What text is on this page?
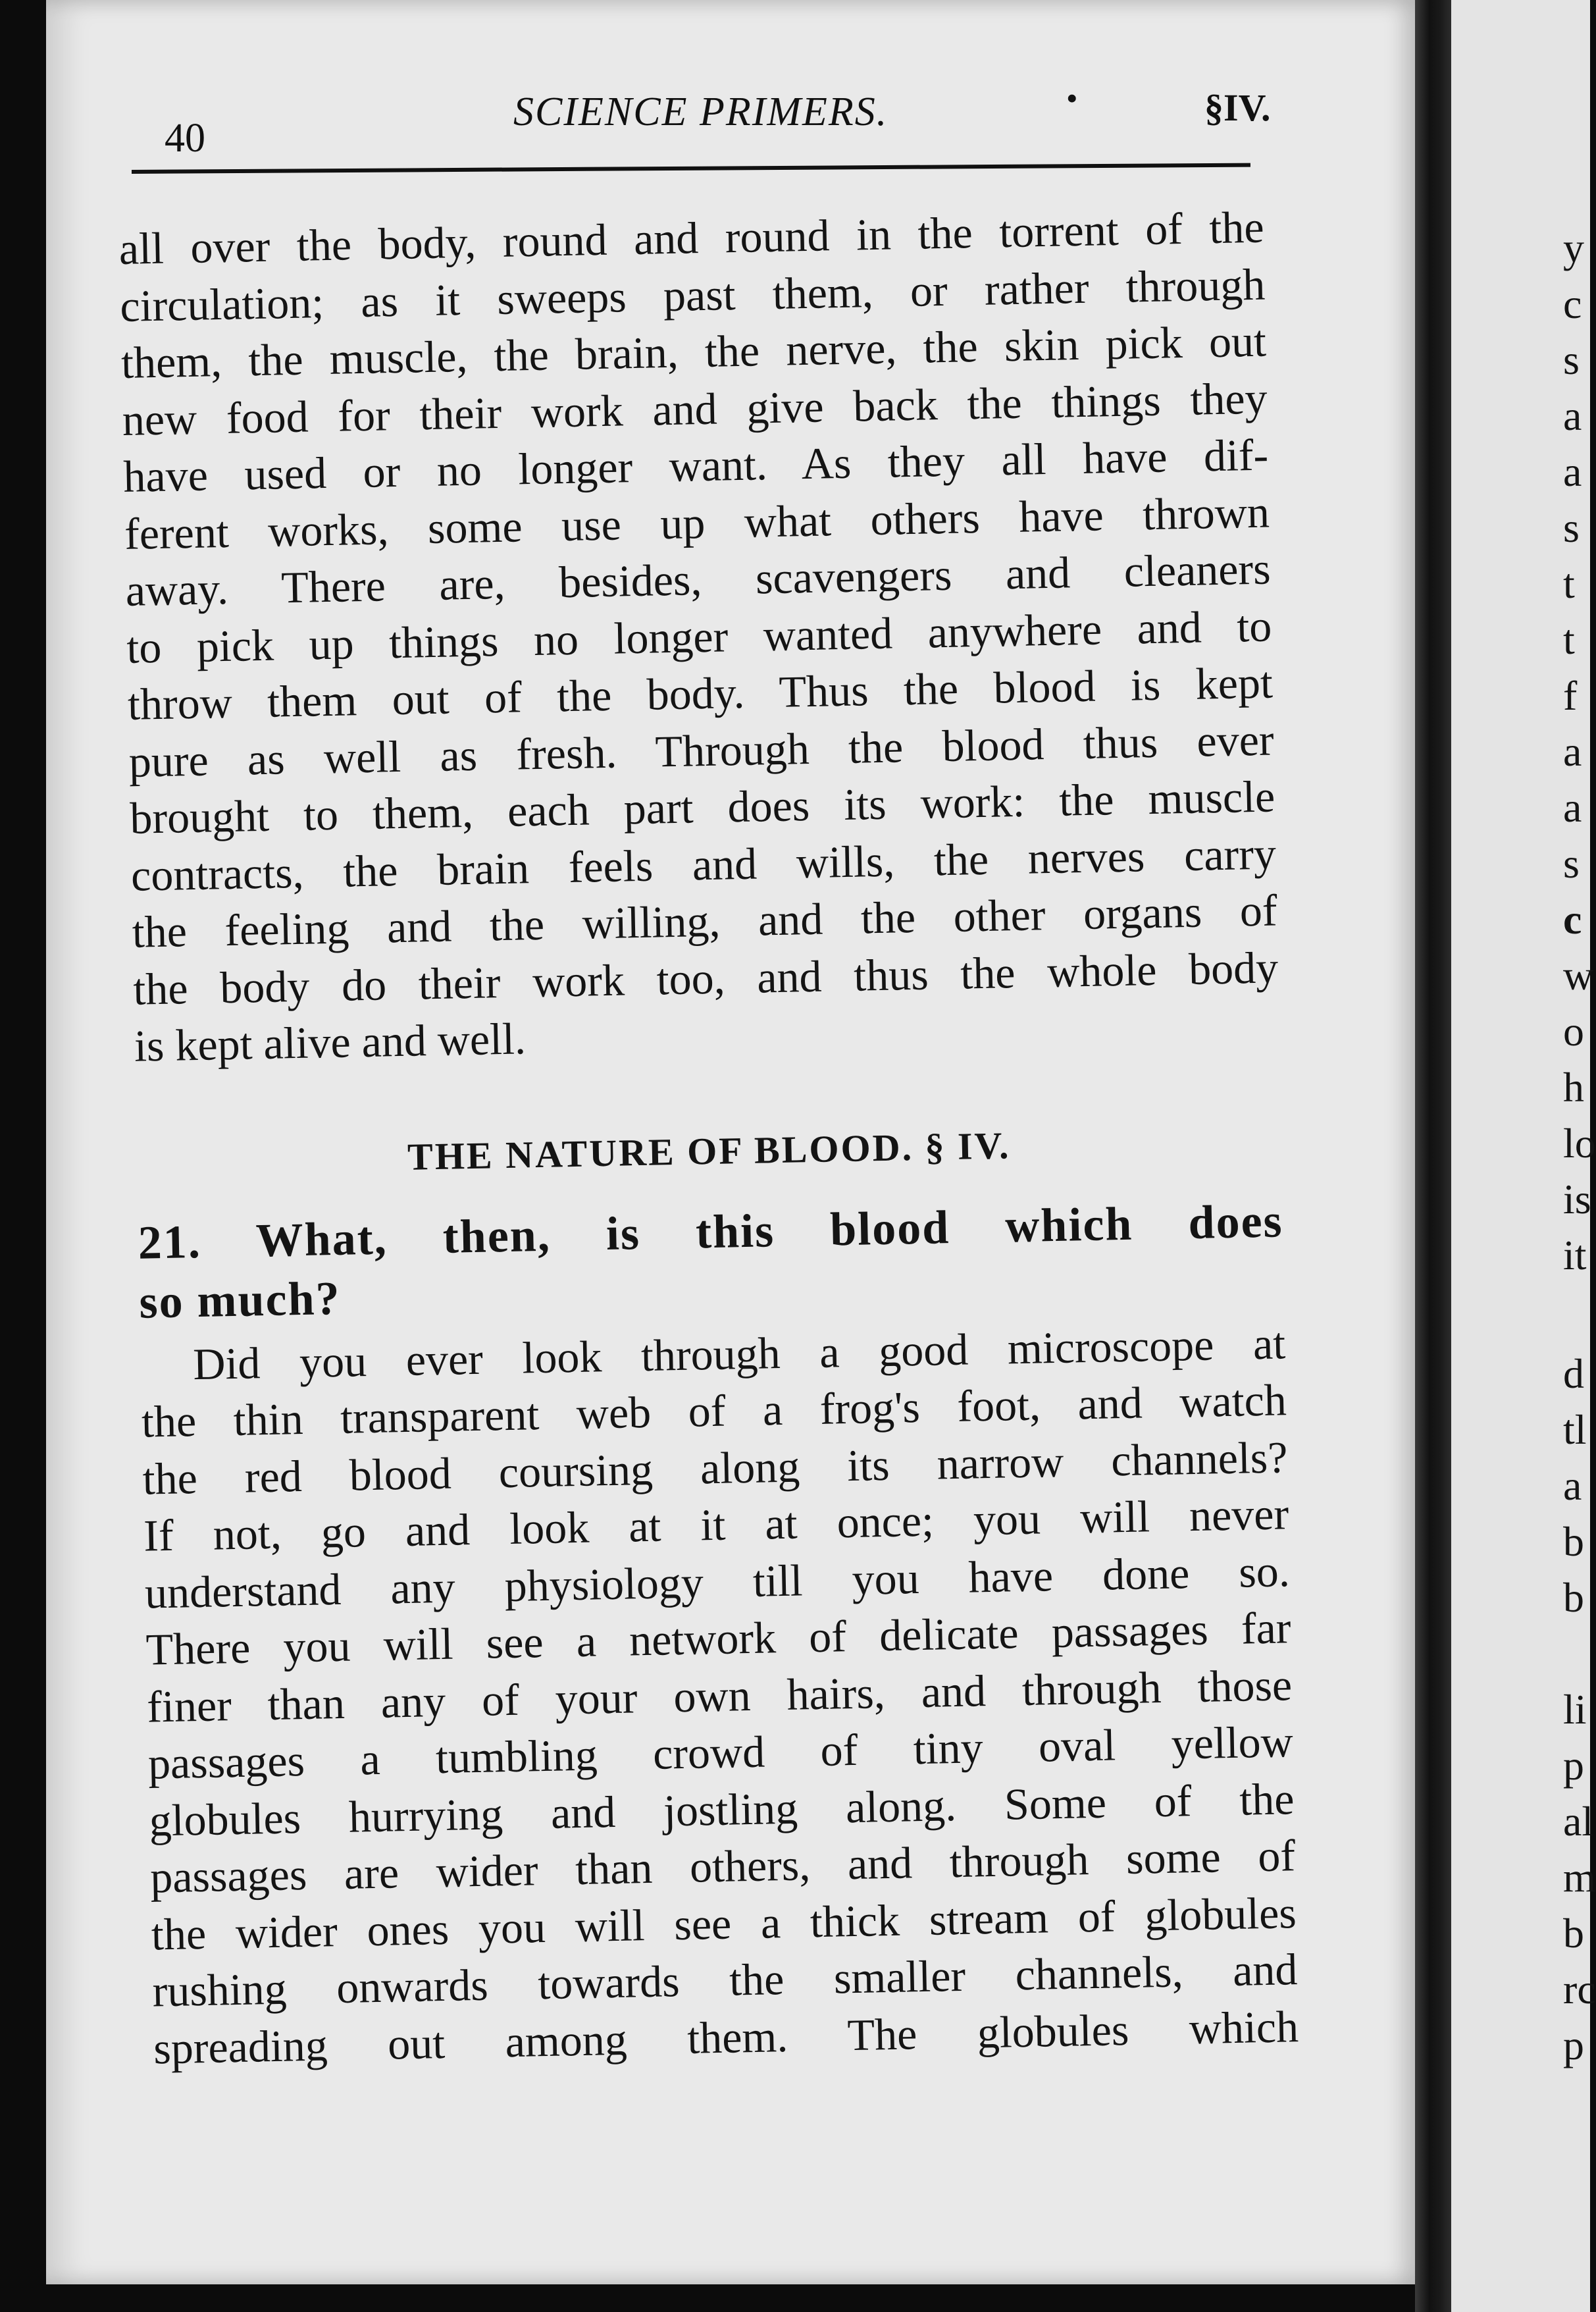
40
SCIENCE PRIMERS.	•	§IV.
all over the body, round and round in the torrent of the
circulation; as it sweeps past them, or rather through
them, the muscle, the brain, the nerve, the skin pick out
new food for their work and give back the things they
have used or no longer want. As they all have dif-
ferent works, some use up what others have thrown
away. There are, besides, scavengers and cleaners
to pick up things no longer wanted anywhere and to
throw them out of the body. Thus the blood is kept
pure as well as fresh. Through the blood thus ever
brought to them, each part does its work: the muscle
contracts, the brain feels and wills, the nerves carry
the feeling and the willing, and the other organs of
the body do their work too, and thus the whole body
is kept alive and well.
THE NATURE OF BLOOD. § IV.
21. What, then, is this blood which does
so much?
Did you ever look through a good microscope at
the thin transparent web of a frog's foot, and watch
the red blood coursing along its narrow channels?
If not, go and look at it at once; you will never
understand any physiology till you have done so.
There you will see a network of delicate passages far
finer than any of your own hairs, and through those
passages a tumbling crowd of tiny oval yellow
globules hurrying and jostling along. Some of the
passages are wider than others, and through some of
the wider ones you will see a thick stream of globules
rushing onwards towards the smaller channels, and
spreading out among them. The globules which
y
c
s
a
a
s
t
t
f
a
a
s
c
w
o
h
lo
is
it
d
tl
a
b
b
li
p
al
m
b
rc
p
